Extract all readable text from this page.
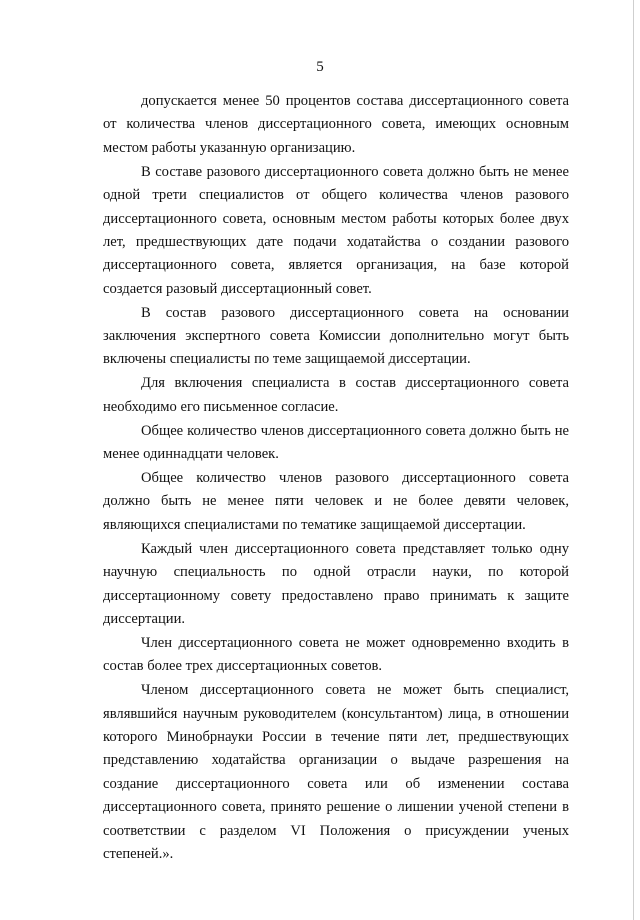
5

допускается менее 50 процентов состава диссертационного совета от количества членов диссертационного совета, имеющих основным местом работы указанную организацию.

В составе разового диссертационного совета должно быть не менее одной трети специалистов от общего количества членов разового диссертационного совета, основным местом работы которых более двух лет, предшествующих дате подачи ходатайства о создании разового диссертационного совета, является организация, на базе которой создается разовый диссертационный совет.

В состав разового диссертационного совета на основании заключения экспертного совета Комиссии дополнительно могут быть включены специалисты по теме защищаемой диссертации.

Для включения специалиста в состав диссертационного совета необходимо его письменное согласие.

Общее количество членов диссертационного совета должно быть не менее одиннадцати человек.

Общее количество членов разового диссертационного совета должно быть не менее пяти человек и не более девяти человек, являющихся специалистами по тематике защищаемой диссертации.

Каждый член диссертационного совета представляет только одну научную специальность по одной отрасли науки, по которой диссертационному совету предоставлено право принимать к защите диссертации.

Член диссертационного совета не может одновременно входить в состав более трех диссертационных советов.

Членом диссертационного совета не может быть специалист, являвшийся научным руководителем (консультантом) лица, в отношении которого Минобрнауки России в течение пяти лет, предшествующих представлению ходатайства организации о выдаче разрешения на создание диссертационного совета или об изменении состава диссертационного совета, принято решение о лишении ученой степени в соответствии с разделом VI Положения о присуждении ученых степеней.».
